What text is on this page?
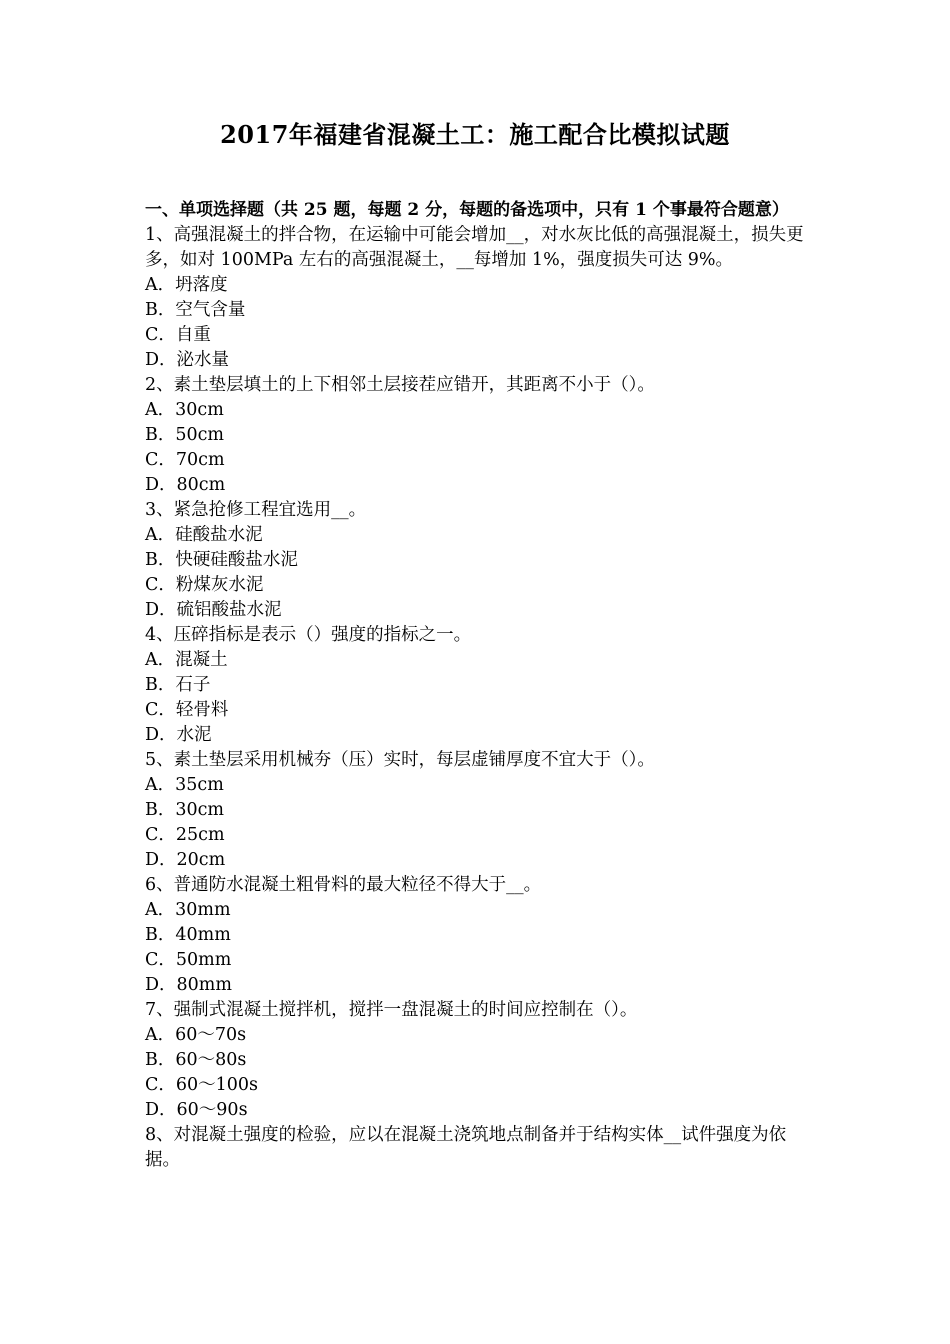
2017年福建省混凝土工：施工配合比模拟试题
一、单项选择题（共 25 题，每题 2 分，每题的备选项中，只有 1 个事最符合题意）
1、高强混凝土的拌合物，在运输中可能会增加__，对水灰比低的高强混凝土，损失更多，如对 100MPa 左右的高强混凝土，__每增加 1%，强度损失可达 9%。
A．坍落度
B．空气含量
C．自重
D．泌水量
2、素土垫层填土的上下相邻土层接茬应错开，其距离不小于（）。
A．30cm
B．50cm
C．70cm
D．80cm
3、紧急抢修工程宜选用__。
A．硅酸盐水泥
B．快硬硅酸盐水泥
C．粉煤灰水泥
D．硫铝酸盐水泥
4、压碎指标是表示（）强度的指标之一。
A．混凝土
B．石子
C．轻骨料
D．水泥
5、素土垫层采用机械夯（压）实时，每层虚铺厚度不宜大于（）。
A．35cm
B．30cm
C．25cm
D．20cm
6、普通防水混凝土粗骨料的最大粒径不得大于__。
A．30mm
B．40mm
C．50mm
D．80mm
7、强制式混凝土搅拌机，搅拌一盘混凝土的时间应控制在（）。
A．60～70s
B．60～80s
C．60～100s
D．60～90s
8、对混凝土强度的检验，应以在混凝土浇筑地点制备并于结构实体__试件强度为依据。
